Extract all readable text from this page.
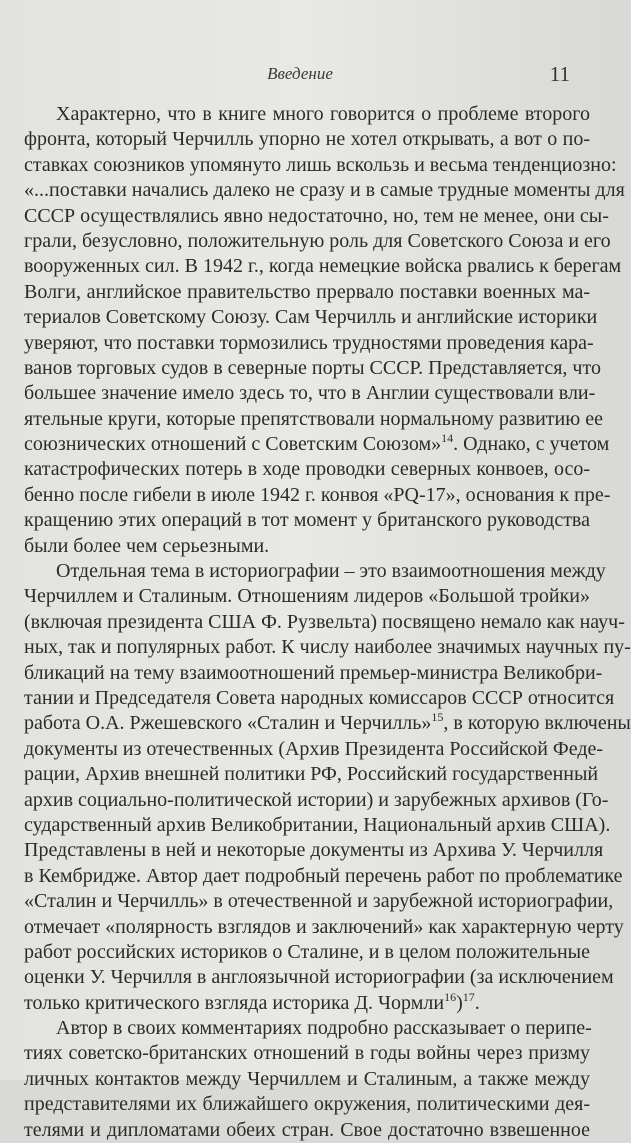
Введение	11
Характерно, что в книге много говорится о проблеме второго
фронта, который Черчилль упорно не хотел открывать, а вот о по-
ставках союзников упомянуто лишь вскользь и весьма тенденциозно:
«...поставки начались далеко не сразу и в самые трудные моменты для
СССР осуществлялись явно недостаточно, но, тем не менее, они сы-
грали, безусловно, положительную роль для Советского Союза и его
вооруженных сил. В 1942 г., когда немецкие войска рвались к берегам
Волги, английское правительство прервало поставки военных ма-
териалов Советскому Союзу. Сам Черчилль и английские историки
уверяют, что поставки тормозились трудностями проведения кара-
ванов торговых судов в северные порты СССР. Представляется, что
большее значение имело здесь то, что в Англии существовали вли-
ятельные круги, которые препятствовали нормальному развитию ее
союзнических отношений с Советским Союзом»$^{14}$. Однако, с учетом
катастрофических потерь в ходе проводки северных конвоев, осо-
бенно после гибели в июле 1942 г. конвоя «PQ-17», основания к пре-
кращению этих операций в тот момент у британского руководства
были более чем серьезными.
Отдельная тема в историографии – это взаимоотношения между
Черчиллем и Сталиным. Отношениям лидеров «Большой тройки»
(включая президента США Ф. Рузвельта) посвящено немало как науч-
ных, так и популярных работ. К числу наиболее значимых научных пу-
бликаций на тему взаимоотношений премьер-министра Великобри-
тании и Председателя Совета народных комиссаров СССР относится
работа О.А. Ржешевского «Сталин и Черчилль»$^{15}$, в которую включены
документы из отечественных (Архив Президента Российской Феде-
рации, Архив внешней политики РФ, Российский государственный
архив социально-политической истории) и зарубежных архивов (Го-
сударственный архив Великобритании, Национальный архив США).
Представлены в ней и некоторые документы из Архива У. Черчилля
в Кембридже. Автор дает подробный перечень работ по проблематике
«Сталин и Черчилль» в отечественной и зарубежной историографии,
отмечает «полярность взглядов и заключений» как характерную черту
работ российских историков о Сталине, и в целом положительные
оценки У. Черчилля в англоязычной историографии (за исключением
только критического взгляда историка Д. Чормли$^{16}$)$^{17}$.
Автор в своих комментариях подробно рассказывает о перипе-
тиях советско-британских отношений в годы войны через призму
личных контактов между Черчиллем и Сталиным, а также между
представителями их ближайшего окружения, политическими дея-
телями и дипломатами обеих стран. Свое достаточно взвешенное
